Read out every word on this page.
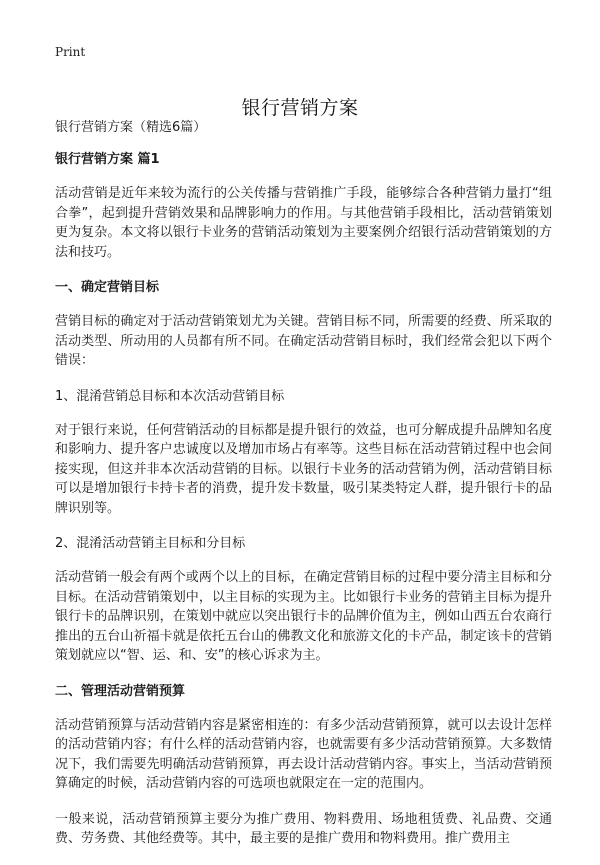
Print
银行营销方案

银行营销方案（精选6篇）

银行营销方案 篇1

活动营销是近年来较为流行的公关传播与营销推广手段，能够综合各种营销力量打“组合拳”，起到提升营销效果和品牌影响力的作用。与其他营销手段相比，活动营销策划更为复杂。本文将以银行卡业务的营销活动策划为主要案例介绍银行活动营销策划的方法和技巧。

一、确定营销目标

营销目标的确定对于活动营销策划尤为关键。营销目标不同，所需要的经费、所采取的活动类型、所动用的人员都有所不同。在确定活动营销目标时，我们经常会犯以下两个错误：

1、混淆营销总目标和本次活动营销目标

对于银行来说，任何营销活动的目标都是提升银行的效益，也可分解成提升品牌知名度和影响力、提升客户忠诚度以及增加市场占有率等。这些目标在活动营销过程中也会间接实现，但这并非本次活动营销的目标。以银行卡业务的活动营销为例，活动营销目标可以是增加银行卡持卡者的消费，提升发卡数量，吸引某类特定人群，提升银行卡的品牌识别等。

2、混淆活动营销主目标和分目标

活动营销一般会有两个或两个以上的目标，在确定营销目标的过程中要分清主目标和分目标。在活动营销策划中，以主目标的实现为主。比如银行卡业务的营销主目标为提升银行卡的品牌识别，在策划中就应以突出银行卡的品牌价值为主，例如山西五台农商行推出的五台山祈福卡就是依托五台山的佛教文化和旅游文化的卡产品，制定该卡的营销策划就应以“智、运、和、安”的核心诉求为主。

二、管理活动营销预算

活动营销预算与活动营销内容是紧密相连的：有多少活动营销预算，就可以去设计怎样的活动营销内容；有什么样的活动营销内容，也就需要有多少活动营销预算。大多数情况下，我们需要先明确活动营销预算，再去设计活动营销内容。事实上，当活动营销预算确定的时候，活动营销内容的可选项也就限定在一定的范围内。

一般来说，活动营销预算主要分为推广费用、物料费用、场地租赁费、礼品费、交通费、劳务费、其他经费等。其中，最主要的是推广费用和物料费用。推广费用主
